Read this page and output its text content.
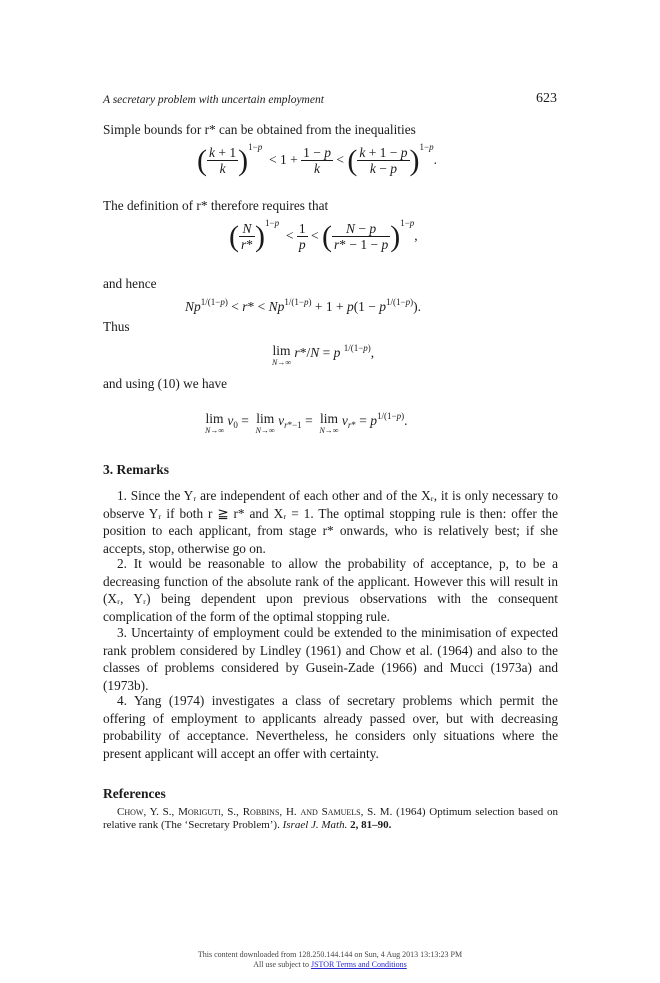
A secretary problem with uncertain employment	623
Simple bounds for r* can be obtained from the inequalities
( $\frac{k + 1}{k} )^{1-p} < 1 + \frac{1 - p}{k}$ < ( $\frac{k + 1 - p}{k - p} )^{1-p}$.
The definition of r* therefore requires that
( $\frac{N}{r*} )^{1-p} < \frac{1}{p}$ < ( $\frac{N - p}{r* - 1 - p} )^{1-p}$,
and hence
$Np^{1/(1-p)} < r* < Np^{1/(1-p)} + 1 + p(1 - p^{1/(1-p)})$.
Thus
lim
N→∞
r*/N = p $^{1/(1-p)}$,
and using (10) we have
lim
N→∞
$v_0 = \lim$
N→∞
$v_{r*-1} = \lim$
N→∞
$v_{r*} = p^{1/(1-p)}$.
3. Remarks
1. Since the Yᵣ are independent of each other and of the Xᵣ, it is only necessary to observe Yᵣ if both r ≧ r* and Xᵣ = 1. The optimal stopping rule is then: offer the position to each applicant, from stage r* onwards, who is relatively best; if she accepts, stop, otherwise go on.
2. It would be reasonable to allow the probability of acceptance, p, to be a decreasing function of the absolute rank of the applicant. However this will result in (Xᵣ, Yᵣ) being dependent upon previous observations with the consequent complication of the form of the optimal stopping rule.
3. Uncertainty of employment could be extended to the minimisation of expected rank problem considered by Lindley (1961) and Chow et al. (1964) and also to the classes of problems considered by Gusein-Zade (1966) and Mucci (1973a) and (1973b).
4. Yang (1974) investigates a class of secretary problems which permit the offering of employment to applicants already passed over, but with decreasing probability of acceptance. Nevertheless, he considers only situations where the present applicant will accept an offer with certainty.
References
Chow, Y. S., Moriguti, S., Robbins, H. and Samuels, S. M. (1964) Optimum selection based on relative rank (The ‘Secretary Problem’). Israel J. Math. 2, 81–90.
This content downloaded from 128.250.144.144 on Sun, 4 Aug 2013 13:13:23 PM
All use subject to JSTOR Terms and Conditions
